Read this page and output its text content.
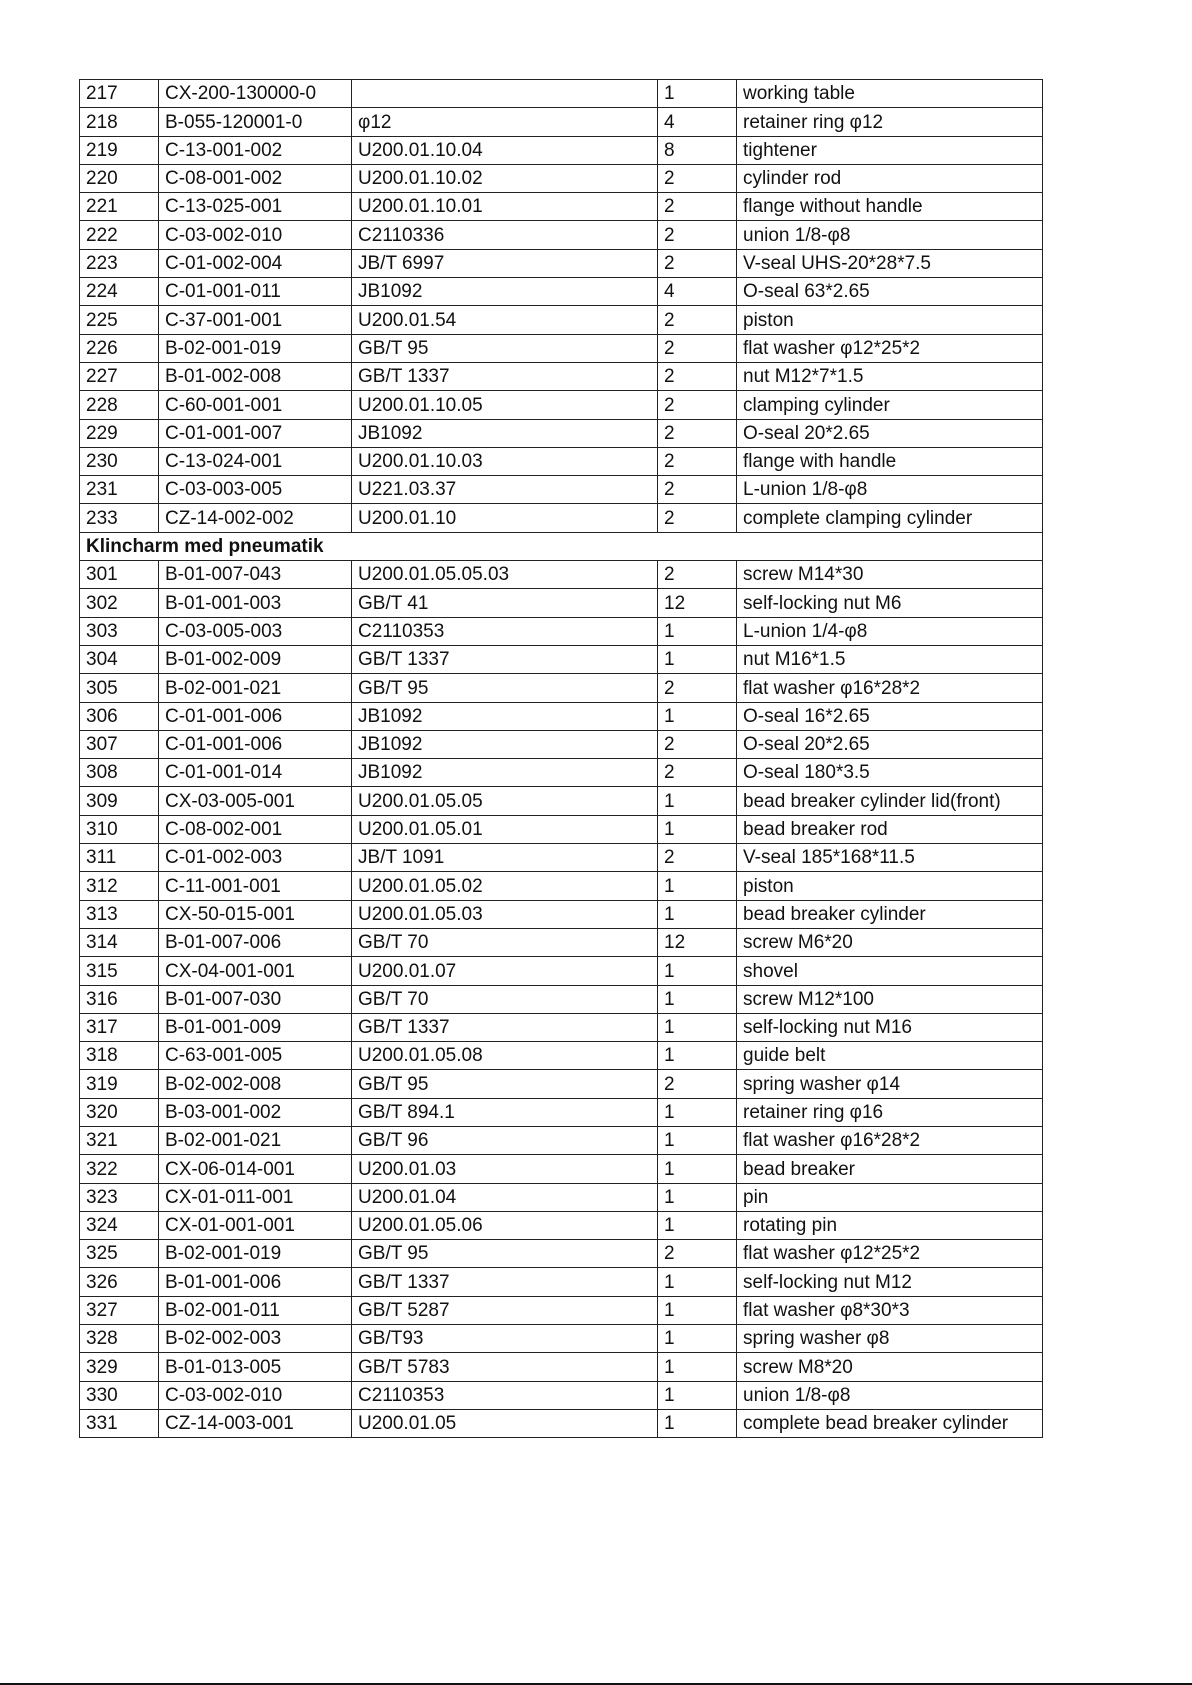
217	CX-200-130000-0		1	working table
218	B-055-120001-0	φ12	4	retainer ring φ12
219	C-13-001-002	U200.01.10.04	8	tightener
220	C-08-001-002	U200.01.10.02	2	cylinder rod
221	C-13-025-001	U200.01.10.01	2	flange without handle
222	C-03-002-010	C2110336	2	union 1/8-φ8
223	C-01-002-004	JB/T 6997	2	V-seal UHS-20*28*7.5
224	C-01-001-011	JB1092	4	O-seal 63*2.65
225	C-37-001-001	U200.01.54	2	piston
226	B-02-001-019	GB/T 95	2	flat washer φ12*25*2
227	B-01-002-008	GB/T 1337	2	nut M12*7*1.5
228	C-60-001-001	U200.01.10.05	2	clamping cylinder
229	C-01-001-007	JB1092	2	O-seal 20*2.65
230	C-13-024-001	U200.01.10.03	2	flange with handle
231	C-03-003-005	U221.03.37	2	L-union 1/8-φ8
233	CZ-14-002-002	U200.01.10	2	complete clamping cylinder
Klincharm med pneumatik				
301	B-01-007-043	U200.01.05.05.03	2	screw M14*30
302	B-01-001-003	GB/T 41	12	self-locking nut M6
303	C-03-005-003	C2110353	1	L-union 1/4-φ8
304	B-01-002-009	GB/T 1337	1	nut M16*1.5
305	B-02-001-021	GB/T 95	2	flat washer φ16*28*2
306	C-01-001-006	JB1092	1	O-seal 16*2.65
307	C-01-001-006	JB1092	2	O-seal 20*2.65
308	C-01-001-014	JB1092	2	O-seal 180*3.5
309	CX-03-005-001	U200.01.05.05	1	bead breaker cylinder lid(front)
310	C-08-002-001	U200.01.05.01	1	bead breaker rod
311	C-01-002-003	JB/T 1091	2	V-seal 185*168*11.5
312	C-11-001-001	U200.01.05.02	1	piston
313	CX-50-015-001	U200.01.05.03	1	bead breaker cylinder
314	B-01-007-006	GB/T 70	12	screw M6*20
315	CX-04-001-001	U200.01.07	1	shovel
316	B-01-007-030	GB/T 70	1	screw M12*100
317	B-01-001-009	GB/T 1337	1	self-locking nut M16
318	C-63-001-005	U200.01.05.08	1	guide belt
319	B-02-002-008	GB/T 95	2	spring washer φ14
320	B-03-001-002	GB/T 894.1	1	retainer ring φ16
321	B-02-001-021	GB/T 96	1	flat washer φ16*28*2
322	CX-06-014-001	U200.01.03	1	bead breaker
323	CX-01-011-001	U200.01.04	1	pin
324	CX-01-001-001	U200.01.05.06	1	rotating pin
325	B-02-001-019	GB/T 95	2	flat washer φ12*25*2
326	B-01-001-006	GB/T 1337	1	self-locking nut M12
327	B-02-001-011	GB/T 5287	1	flat washer φ8*30*3
328	B-02-002-003	GB/T93	1	spring washer φ8
329	B-01-013-005	GB/T 5783	1	screw M8*20
330	C-03-002-010	C2110353	1	union 1/8-φ8
331	CZ-14-003-001	U200.01.05	1	complete bead breaker cylinder
